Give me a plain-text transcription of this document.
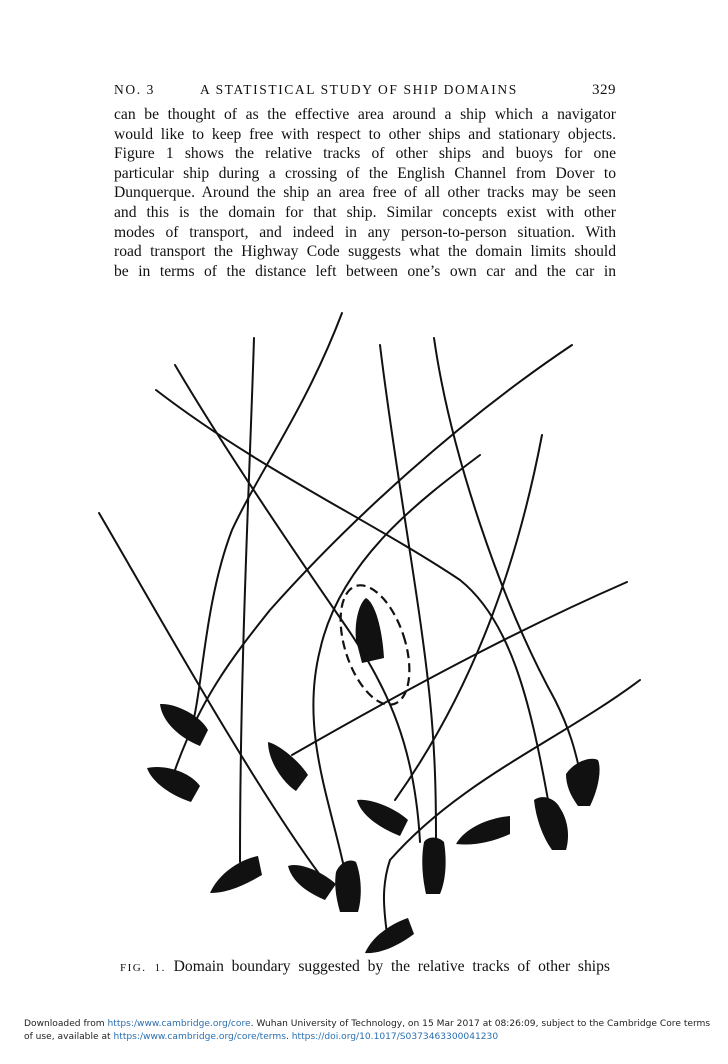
NO. 3	A STATISTICAL STUDY OF SHIP DOMAINS	329
can be thought of as the effective area around a ship which a navigator
would like to keep free with respect to other ships and stationary objects.
Figure 1 shows the relative tracks of other ships and buoys for one
particular ship during a crossing of the English Channel from Dover to
Dunquerque. Around the ship an area free of all other tracks may be seen
and this is the domain for that ship. Similar concepts exist with other
modes of transport, and indeed in any person-to-person situation. With
road transport the Highway Code suggests what the domain limits should
be in terms of the distance left between one’s own car and the car in
FIG. 1. Domain boundary suggested by the relative tracks of other ships
Downloaded from https:/www.cambridge.org/core. Wuhan University of Technology, on 15 Mar 2017 at 08:26:09, subject to the Cambridge Core terms
of use, available at https:/www.cambridge.org/core/terms. https://doi.org/10.1017/S0373463300041230
